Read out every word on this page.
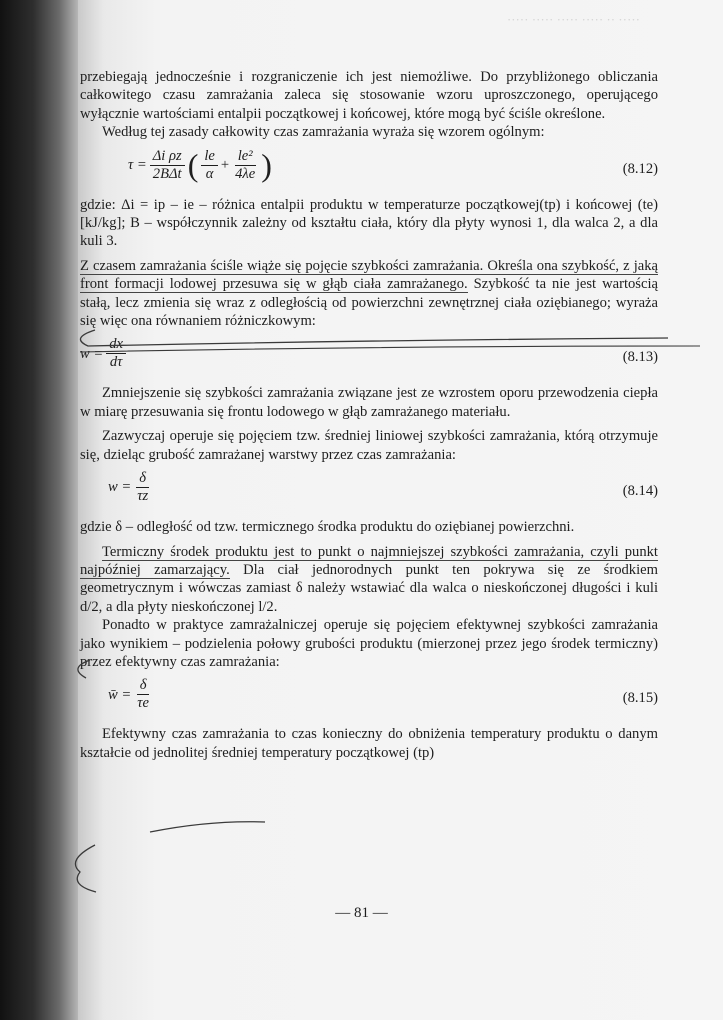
····· ·· ····· ····· ····· ·····

przebiegają jednocześnie i rozgraniczenie ich jest niemożliwe. Do przybliżonego obliczania całkowitego czasu zamrażania zaleca się stosowanie wzoru uproszczonego, operującego wyłącznie wartościami entalpii początkowej i końcowej, które mogą być ściśle określone.

Według tej zasady całkowity czas zamrażania wyraża się wzorem ogólnym:

$\tau = \frac{\text{Δi ρz}}{\text{2BΔt}}$ ( $\frac{le}{\alpha} + \frac{\text{le²}}{4\lambda e}$ )	(8.12)

gdzie: Δi = ip – ie – różnica entalpii produktu w temperaturze początkowej(tp) i końcowej (te) [kJ/kg]; B – współczynnik zależny od kształtu ciała, który dla płyty wynosi 1, dla walca 2, a dla kuli 3.

Z czasem zamrażania ściśle wiąże się pojęcie szybkości zamrażania. Określa ona szybkość, z jaką front formacji lodowej przesuwa się w głąb ciała zamrażanego. Szybkość ta nie jest wartością stałą, lecz zmienia się wraz z odległością od powierzchni zewnętrznej ciała oziębianego; wyraża się więc ona równaniem różniczkowym:

$w = \frac{dx}{d\tau}$	(8.13)

Zmniejszenie się szybkości zamrażania związane jest ze wzrostem oporu przewodzenia ciepła w miarę przesuwania się frontu lodowego w głąb zamrażanego materiału.

Zazwyczaj operuje się pojęciem tzw. średniej liniowej szybkości zamrażania, którą otrzymuje się, dzieląc grubość zamrażanej warstwy przez czas zamrażania:

$w = \frac{\delta}{\tau z}$	(8.14)

gdzie δ – odległość od tzw. termicznego środka produktu do oziębianej powierzchni.

Termiczny środek produktu jest to punkt o najmniejszej szybkości zamrażania, czyli punkt najpóźniej zamarzający. Dla ciał jednorodnych punkt ten pokrywa się ze środkiem geometrycznym i wówczas zamiast δ należy wstawiać dla walca o nieskończonej długości i kuli d/2, a dla płyty nieskończonej l/2.

Ponadto w praktyce zamrażalniczej operuje się pojęciem efektywnej szybkości zamrażania jako wynikiem – podzielenia połowy grubości produktu (mierzonej przez jego środek termiczny) przez efektywny czas zamrażania:

w̄ = $\frac{\delta}{\tau e}$	(8.15)

Efektywny czas zamrażania to czas konieczny do obniżenia temperatury produktu o danym kształcie od jednolitej średniej temperatury początkowej (tp)

— 81 —
